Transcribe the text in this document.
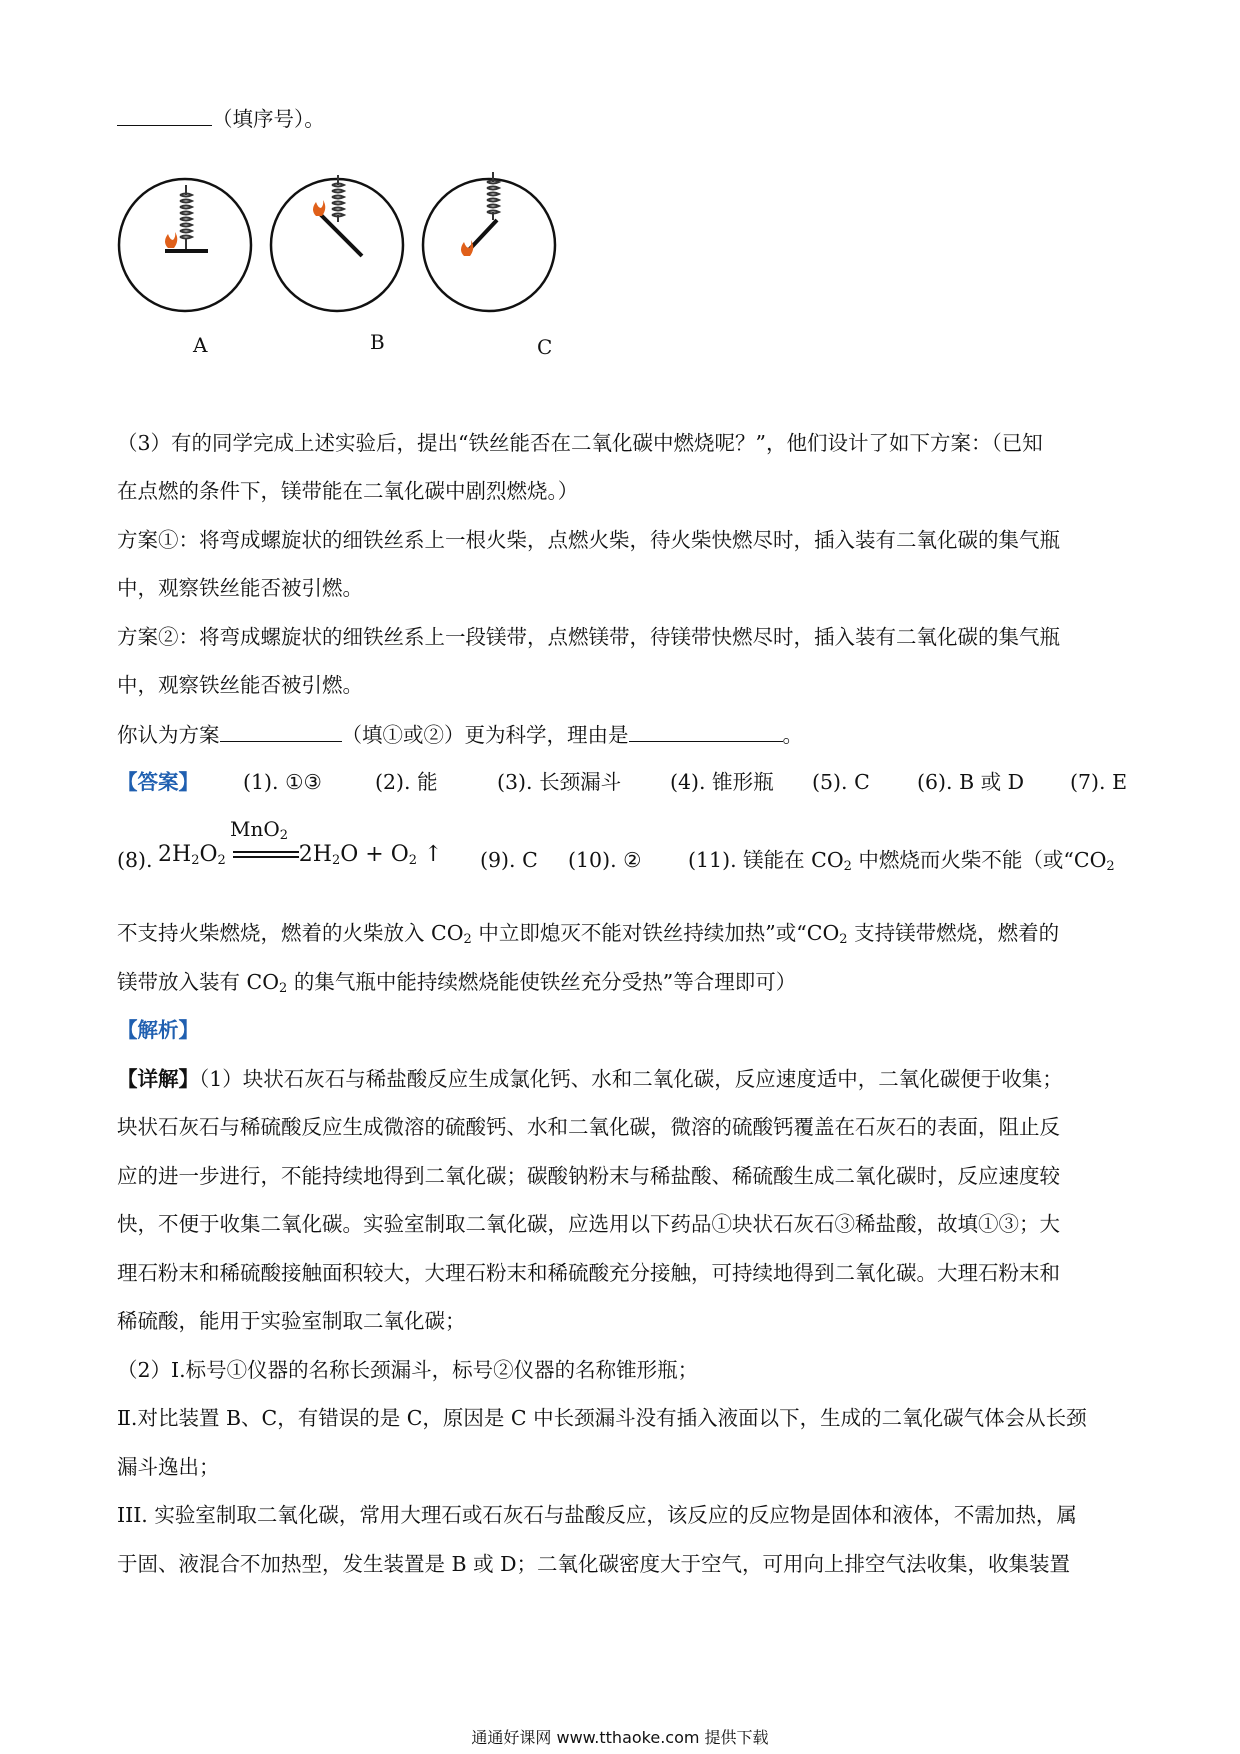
（填序号）。
A	B	C
（3）有的同学完成上述实验后，提出“铁丝能否在二氧化碳中燃烧呢？”，他们设计了如下方案：（已知
在点燃的条件下，镁带能在二氧化碳中剧烈燃烧。）
方案①：将弯成螺旋状的细铁丝系上一根火柴，点燃火柴，待火柴快燃尽时，插入装有二氧化碳的集气瓶
中，观察铁丝能否被引燃。
方案②：将弯成螺旋状的细铁丝系上一段镁带，点燃镁带，待镁带快燃尽时，插入装有二氧化碳的集气瓶
中，观察铁丝能否被引燃。
你认为方案	（填①或②）更为科学，理由是	。
【答案】 (1). ①③	(2). 能	(3). 长颈漏斗 (4). 锥形瓶 (5). C (6). B 或 D (7). E
(8). $2H_2O_2$	$2H_2O + O_2$ ↑
MnO$_2$
(9). C (10). ② (11). 镁能在 $CO_2$ 中燃烧而火柴不能（或“$CO_2$
不支持火柴燃烧，燃着的火柴放入 $CO_2$ 中立即熄灭不能对铁丝持续加热”或“$CO_2$ 支持镁带燃烧，燃着的
镁带放入装有 $CO_2$ 的集气瓶中能持续燃烧能使铁丝充分受热”等合理即可）
【解析】
【详解】（1）块状石灰石与稀盐酸反应生成氯化钙、水和二氧化碳，反应速度适中，二氧化碳便于收集；
块状石灰石与稀硫酸反应生成微溶的硫酸钙、水和二氧化碳，微溶的硫酸钙覆盖在石灰石的表面，阻止反
应的进一步进行，不能持续地得到二氧化碳；碳酸钠粉末与稀盐酸、稀硫酸生成二氧化碳时，反应速度较
快，不便于收集二氧化碳。实验室制取二氧化碳，应选用以下药品①块状石灰石③稀盐酸，故填①③；大
理石粉末和稀硫酸接触面积较大，大理石粉末和稀硫酸充分接触，可持续地得到二氧化碳。大理石粉末和
稀硫酸，能用于实验室制取二氧化碳；
（2）Ⅰ.标号①仪器的名称长颈漏斗，标号②仪器的名称锥形瓶；
Ⅱ.对比装置 B、C，有错误的是 C，原因是 C 中长颈漏斗没有插入液面以下，生成的二氧化碳气体会从长颈
漏斗逸出；
III. 实验室制取二氧化碳，常用大理石或石灰石与盐酸反应，该反应的反应物是固体和液体，不需加热，属
于固、液混合不加热型，发生装置是 B 或 D；二氧化碳密度大于空气，可用向上排空气法收集，收集装置
通通好课网 www.tthaoke.com 提供下载
